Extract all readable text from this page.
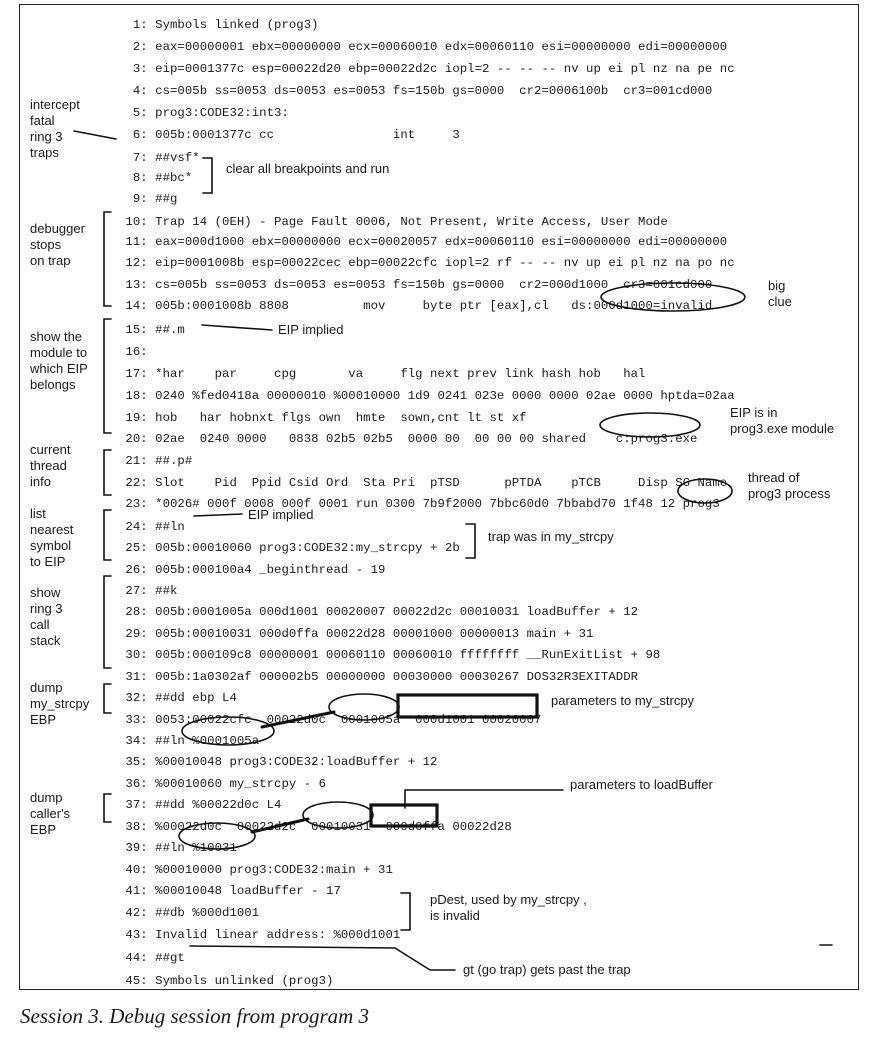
1: Symbols linked (prog3)
2: eax=00000001 ebx=00000000 ecx=00060010 edx=00060110 esi=00000000 edi=00000000
3: eip=0001377c esp=00022d20 ebp=00022d2c iopl=2 -- -- -- nv up ei pl nz na pe nc
4: cs=005b ss=0053 ds=0053 es=0053 fs=150b gs=0000  cr2=0006100b  cr3=001cd000
5: prog3:CODE32:int3:
6: 005b:0001377c cc                int     3
7: ##vsf*
8: ##bc*
9: ##g
10: Trap 14 (0EH) - Page Fault 0006, Not Present, Write Access, User Mode
11: eax=000d1000 ebx=00000000 ecx=00020057 edx=00060110 esi=00000000 edi=00000000
12: eip=0001008b esp=00022cec ebp=00022cfc iopl=2 rf -- -- nv up ei pl nz na po nc
13: cs=005b ss=0053 ds=0053 es=0053 fs=150b gs=0000  cr2=000d1000  cr3=001cd000
14: 005b:0001008b 8808          mov     byte ptr [eax],cl   ds:000d1000=invalid
15: ##.m
16:
17: *har    par     cpg       va     flg next prev link hash hob   hal
18: 0240 %fed0418a 00000010 %00010000 1d9 0241 023e 0000 0000 02ae 0000 hptda=02aa
19: hob   har hobnxt flgs own  hmte  sown,cnt lt st xf
20: 02ae  0240 0000   0838 02b5 02b5  0000 00  00 00 00 shared    c:prog3.exe
21: ##.p#
22: Slot    Pid  Ppid Csid Ord  Sta Pri  pTSD      pPTDA    pTCB     Disp SG Name
23: *0026# 000f 0008 000f 0001 run 0300 7b9f2000 7bbc60d0 7bbabd70 1f48 12 prog3
24: ##ln
25: 005b:00010060 prog3:CODE32:my_strcpy + 2b
26: 005b:000100a4 _beginthread - 19
27: ##k
28: 005b:0001005a 000d1001 00020007 00022d2c 00010031 loadBuffer + 12
29: 005b:00010031 000d0ffa 00022d28 00001000 00000013 main + 31
30: 005b:000109c8 00000001 00060110 00060010 ffffffff __RunExitList + 98
31: 005b:1a0302af 000002b5 00000000 00030000 00030267 DOS32R3EXITADDR
32: ##dd ebp L4
33: 0053:00022cfc  00022d0c  0001005a  000d1001 00020007
34: ##ln %0001005a
35: %00010048 prog3:CODE32:loadBuffer + 12
36: %00010060 my_strcpy - 6
37: ##dd %00022d0c L4
38: %00022d0c  00022d2c  00010031  000d0ffa 00022d28
39: ##ln %10031
40: %00010000 prog3:CODE32:main + 31
41: %00010048 loadBuffer - 17
42: ##db %000d1001
43: Invalid linear address: %000d1001
44: ##gt
45: Symbols unlinked (prog3)
intercept
fatal
ring 3
traps
clear all breakpoints and run
debugger
stops
on trap
big
clue
EIP implied
show the
module to
which EIP
belongs
EIP is in
prog3.exe module
current
thread
info	thread of
prog3 process
list
nearest
symbol
to EIP
EIP implied
trap was in my_strcpy
show
ring 3
call
stack
dump
my_strcpy
EBP
parameters to my_strcpy
parameters to loadBuffer
dump
caller's
EBP
pDest, used by my_strcpy ,
is invalid
gt (go trap) gets past the trap
Session 3. Debug session from program 3
